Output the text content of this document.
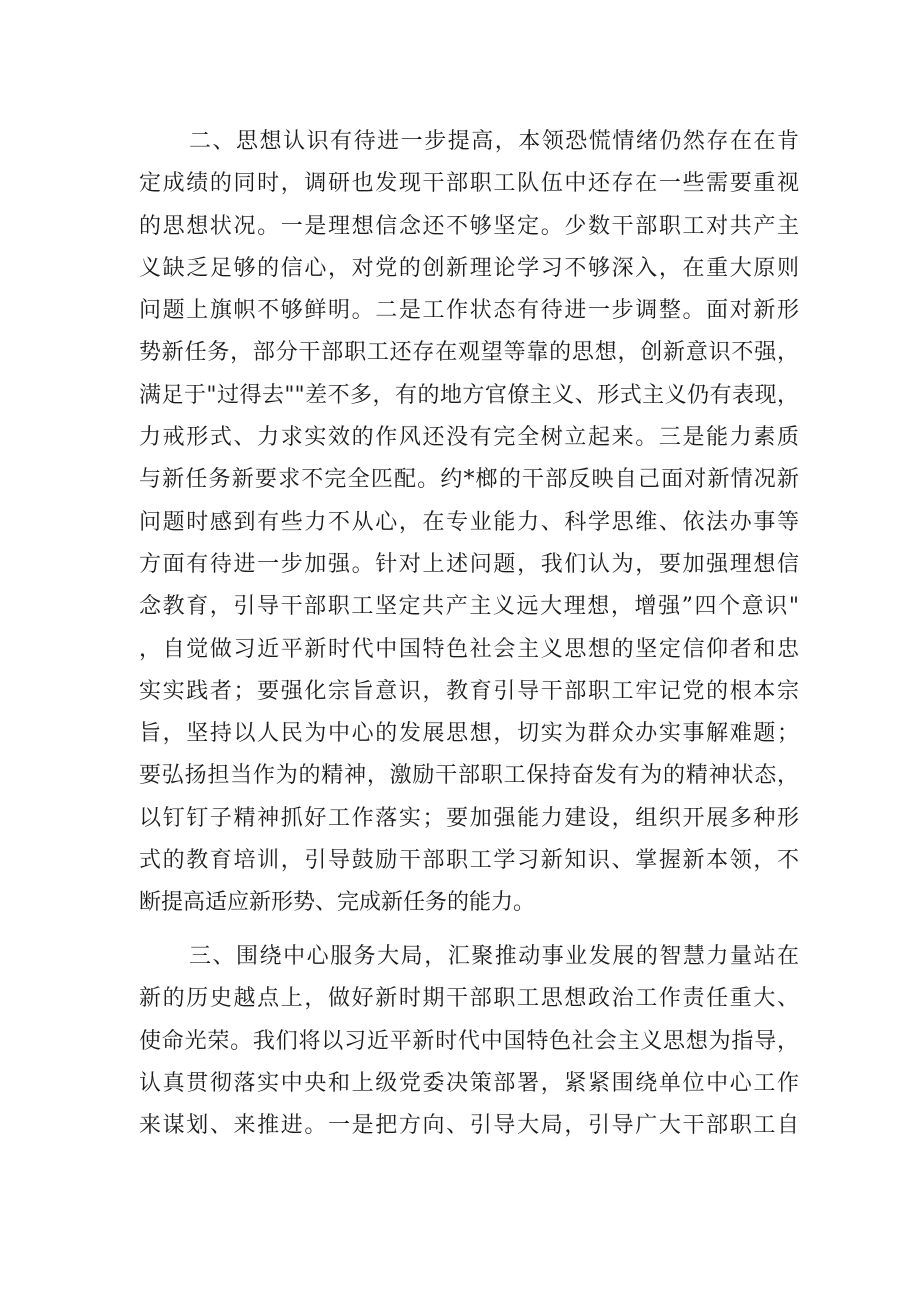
二、思想认识有待进一步提高，本领恐慌情绪仍然存在在肯
定成绩的同时，调研也发现干部职工队伍中还存在一些需要重视
的思想状况。一是理想信念还不够坚定。少数干部职工对共产主
义缺乏足够的信心，对党的创新理论学习不够深入，在重大原则
问题上旗帜不够鲜明。二是工作状态有待进一步调整。面对新形
势新任务，部分干部职工还存在观望等靠的思想，创新意识不强，
满足于"过得去""差不多，有的地方官僚主义、形式主义仍有表现，
力戒形式、力求实效的作风还没有完全树立起来。三是能力素质
与新任务新要求不完全匹配。约*榔的干部反映自己面对新情况新
问题时感到有些力不从心，在专业能力、科学思维、依法办事等
方面有待进一步加强。针对上述问题，我们认为，要加强理想信
念教育，引导干部职工坚定共产主义远大理想，增强”四个意识"
，自觉做习近平新时代中国特色社会主义思想的坚定信仰者和忠
实实践者；要强化宗旨意识，教育引导干部职工牢记党的根本宗
旨，坚持以人民为中心的发展思想，切实为群众办实事解难题；
要弘扬担当作为的精神，激励干部职工保持奋发有为的精神状态，
以钉钉子精神抓好工作落实；要加强能力建设，组织开展多种形
式的教育培训，引导鼓励干部职工学习新知识、掌握新本领，不
断提高适应新形势、完成新任务的能力。
三、围绕中心服务大局，汇聚推动事业发展的智慧力量站在
新的历史越点上，做好新时期干部职工思想政治工作责任重大、
使命光荣。我们将以习近平新时代中国特色社会主义思想为指导，
认真贯彻落实中央和上级党委决策部署，紧紧围绕单位中心工作
来谋划、来推进。一是把方向、引导大局，引导广大干部职工自
